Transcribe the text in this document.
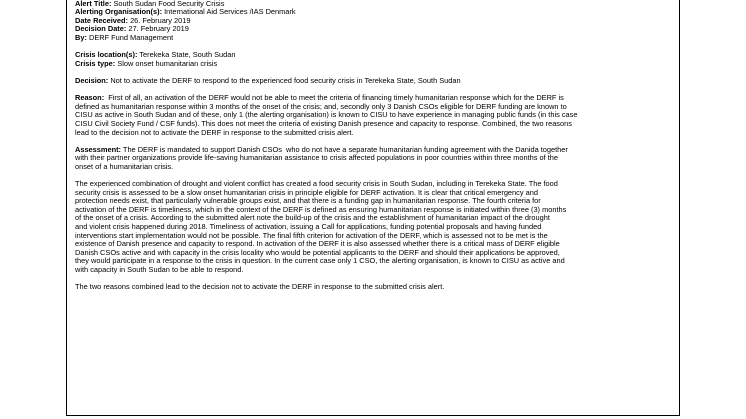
Alert Title: South Sudan Food Security Crisis
Alerting Organisation(s): International Aid Services /IAS Denmark
Date Received: 26. February 2019
Decision Date: 27. February 2019
By: DERF Fund Management
Crisis location(s): Terekeka State, South Sudan
Crisis type: Slow onset humanitarian crisis
Decision: Not to activate the DERF to respond to the experienced food security crisis in Terekeka State, South Sudan
Reason:  First of all, an activation of the DERF would not be able to meet the criteria of financing timely humanitarian response which for the DERF is
defined as humanitarian response within 3 months of the onset of the crisis; and, secondly only 3 Danish CSOs eligible for DERF funding are known to
CISU as active in South Sudan and of these, only 1 (the alerting organisation) is known to CISU to have experience in managing public funds (in this case
CISU Civil Society Fund / CSF funds). This does not meet the criteria of existing Danish presence and capacity to response. Combined, the two reasons
lead to the decision not to activate the DERF in response to the submitted crisis alert.
Assessment: The DERF is mandated to support Danish CSOs  who do not have a separate humanitarian funding agreement with the Danida together
with their partner organizations provide life-saving humanitarian assistance to crisis affected populations in poor countries within three months of the
onset of a humanitarian crisis.
The experienced combination of drought and violent conflict has created a food security crisis in South Sudan, including in Terekeka State. The food
security crisis is assessed to be a slow onset humanitarian crisis in principle eligible for DERF activation. It is clear that critical emergency and
protection needs exist, that particularly vulnerable groups exist, and that there is a funding gap in humanitarian response. The fourth criteria for
activation of the DERF is timeliness, which in the context of the DERF is defined as ensuring humanitarian response is initiated within three (3) months
of the onset of a crisis. According to the submitted alert note the build-up of the crisis and the establishment of humanitarian impact of the drought
and violent crisis happened during 2018. Timeliness of activation, issuing a Call for applications, funding potential proposals and having funded
interventions start implementation would not be possible. The final fifth criterion for activation of the DERF, which is assessed not to be met is the
existence of Danish presence and capacity to respond. In activation of the DERF it is also assessed whether there is a critical mass of DERF eligible
Danish CSOs active and with capacity in the crisis locality who would be potential applicants to the DERF and should their applications be approved,
they would participate in a response to the crisis in question. In the current case only 1 CSO, the alerting organisation, is known to CISU as active and
with capacity in South Sudan to be able to respond.
The two reasons combined lead to the decision not to activate the DERF in response to the submitted crisis alert.
